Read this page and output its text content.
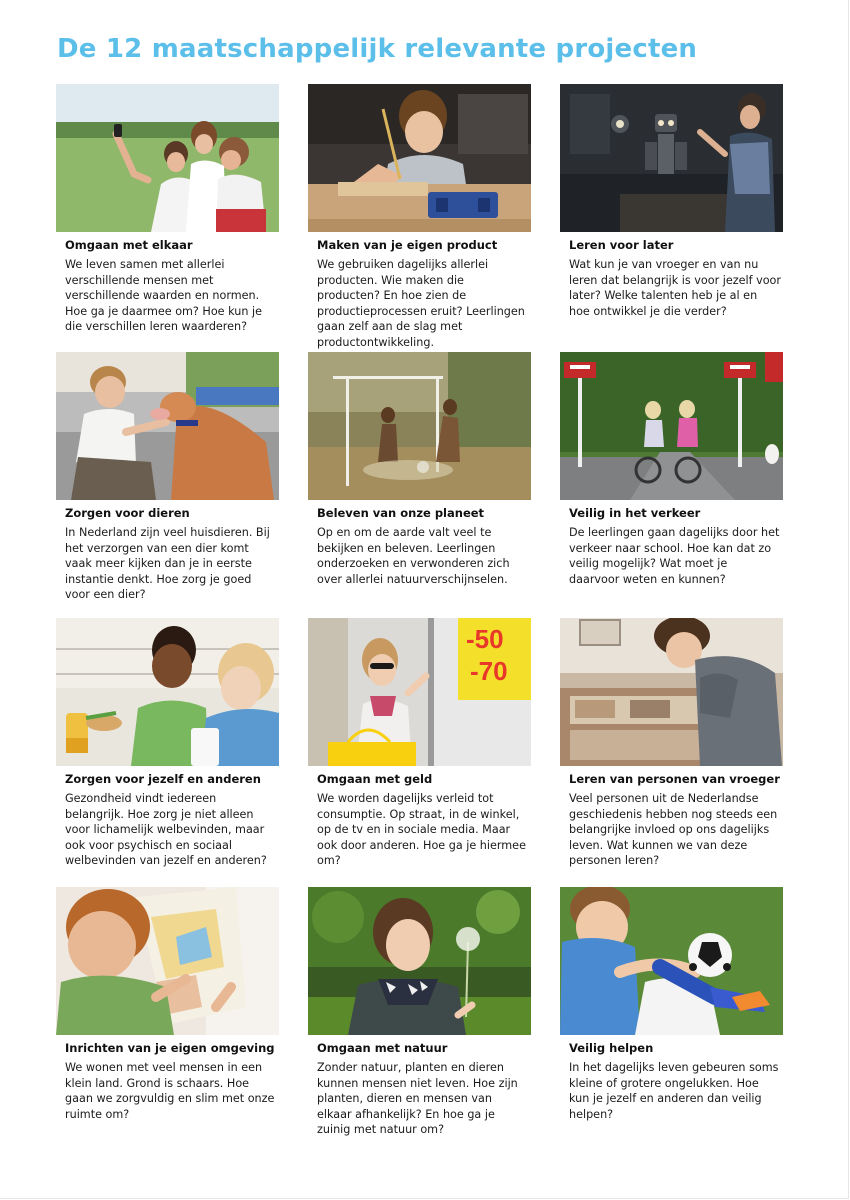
De 12 maatschappelijk relevante projecten
Omgaan met elkaar
We leven samen met allerlei verschillende mensen met verschillende waarden en normen. Hoe ga je daarmee om? Hoe kun je die verschillen leren waarderen?
Maken van je eigen product
We gebruiken dagelijks allerlei producten. Wie maken die producten? En hoe zien de productieprocessen eruit? Leerlingen gaan zelf aan de slag met productontwikkeling.
Leren voor later
Wat kun je van vroeger en van nu leren dat belangrijk is voor jezelf voor later? Welke talenten heb je al en hoe ontwikkel je die verder?
Zorgen voor dieren
In Nederland zijn veel huisdieren. Bij het verzorgen van een dier komt vaak meer kijken dan je in eerste instantie denkt. Hoe zorg je goed voor een dier?
Beleven van onze planeet
Op en om de aarde valt veel te bekijken en beleven. Leerlingen onderzoeken en verwonderen zich over allerlei natuurverschijnselen.
Veilig in het verkeer
De leerlingen gaan dagelijks door het verkeer naar school. Hoe kan dat zo veilig mogelijk? Wat moet je daarvoor weten en kunnen?
Zorgen voor jezelf en anderen
Gezondheid vindt iedereen belangrijk. Hoe zorg je niet alleen voor lichamelijk welbevinden, maar ook voor psychisch en sociaal welbevinden van jezelf en anderen?
-50
-70
Omgaan met geld
We worden dagelijks verleid tot consumptie. Op straat, in de winkel, op de tv en in sociale media. Maar ook door anderen. Hoe ga je hiermee om?
Leren van personen van vroeger
Veel personen uit de Nederlandse geschiedenis hebben nog steeds een belangrijke invloed op ons dagelijks leven. Wat kunnen we van deze personen leren?
Inrichten van je eigen omgeving
We wonen met veel mensen in een klein land. Grond is schaars. Hoe gaan we zorgvuldig en slim met onze ruimte om?
Omgaan met natuur
Zonder natuur, planten en dieren kunnen mensen niet leven. Hoe zijn planten, dieren en mensen van elkaar afhankelijk? En hoe ga je zuinig met natuur om?
Veilig helpen
In het dagelijks leven gebeuren soms kleine of grotere ongelukken. Hoe kun je jezelf en anderen dan veilig helpen?
